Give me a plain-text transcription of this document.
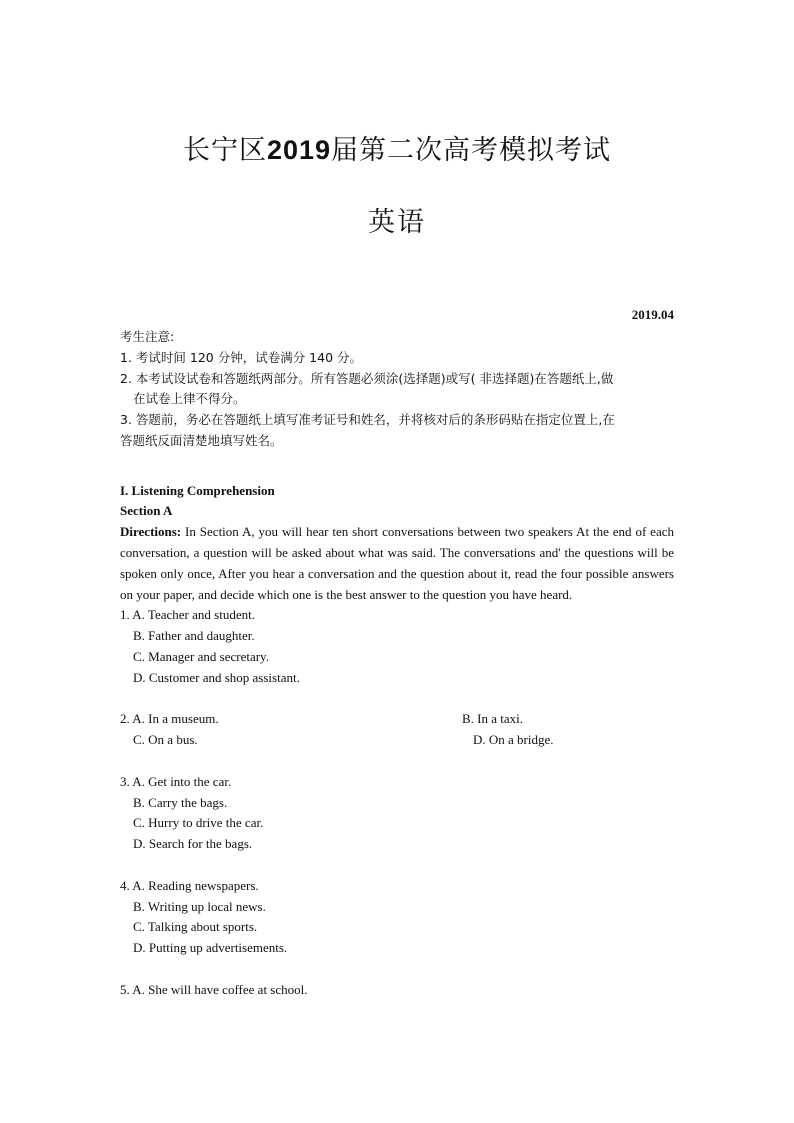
长宁区2019届第二次高考模拟考试
英语
2019.04
考生注意:
1. 考试时间 120 分钟，试卷满分 140 分。
2. 本考试设试卷和答题纸两部分。所有答题必须涂(选择题)或写( 非选择题)在答题纸上,做
在试卷上律不得分。
3. 答题前，务必在答题纸上填写准考证号和姓名，并将核对后的条形码贴在指定位置上,在
答题纸反面清楚地填写姓名。
I. Listening Comprehension
Section A
Directions: In Section A, you will hear ten short conversations between two speakers At the end of each conversation, a question will be asked about what was said. The conversations and' the questions will be spoken only once, After you hear a conversation and the question about it, read the four possible answers on your paper, and decide which one is the best answer to the question you have heard.
1. A. Teacher and student.
B. Father and daughter.
C. Manager and secretary.
D. Customer and shop assistant.
2. A. In a museum.	B. In a taxi.
C. On a bus.	D. On a bridge.
3. A. Get into the car.
B. Carry the bags.
C. Hurry to drive the car.
D. Search for the bags.
4. A. Reading newspapers.
B. Writing up local news.
C. Talking about sports.
D. Putting up advertisements.
5. A. She will have coffee at school.
